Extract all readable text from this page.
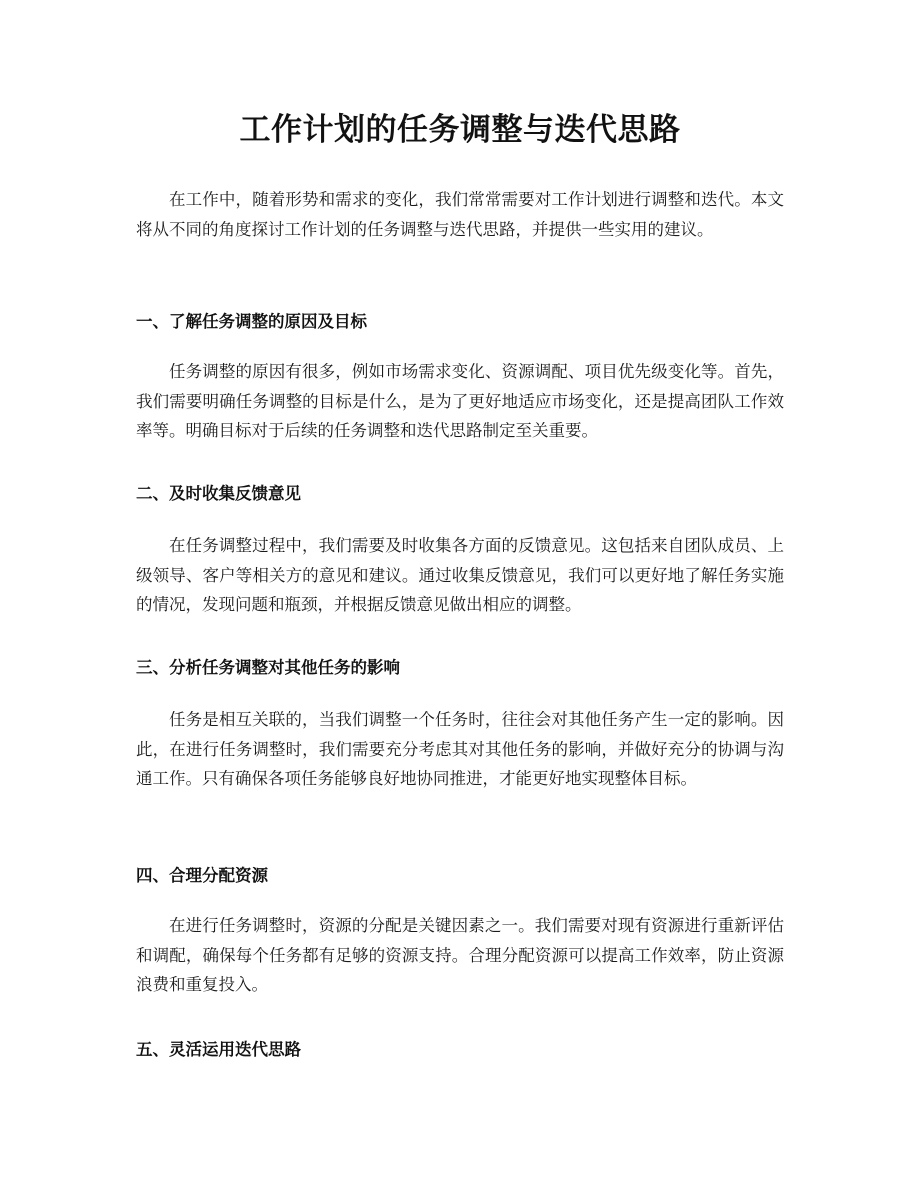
工作计划的任务调整与迭代思路

在工作中，随着形势和需求的变化，我们常常需要对工作计划进行调整和迭代。本文将从不同的角度探讨工作计划的任务调整与迭代思路，并提供一些实用的建议。

一、了解任务调整的原因及目标

任务调整的原因有很多，例如市场需求变化、资源调配、项目优先级变化等。首先，我们需要明确任务调整的目标是什么，是为了更好地适应市场变化，还是提高团队工作效率等。明确目标对于后续的任务调整和迭代思路制定至关重要。

二、及时收集反馈意见

在任务调整过程中，我们需要及时收集各方面的反馈意见。这包括来自团队成员、上级领导、客户等相关方的意见和建议。通过收集反馈意见，我们可以更好地了解任务实施的情况，发现问题和瓶颈，并根据反馈意见做出相应的调整。

三、分析任务调整对其他任务的影响

任务是相互关联的，当我们调整一个任务时，往往会对其他任务产生一定的影响。因此，在进行任务调整时，我们需要充分考虑其对其他任务的影响，并做好充分的协调与沟通工作。只有确保各项任务能够良好地协同推进，才能更好地实现整体目标。

四、合理分配资源

在进行任务调整时，资源的分配是关键因素之一。我们需要对现有资源进行重新评估和调配，确保每个任务都有足够的资源支持。合理分配资源可以提高工作效率，防止资源浪费和重复投入。

五、灵活运用迭代思路
